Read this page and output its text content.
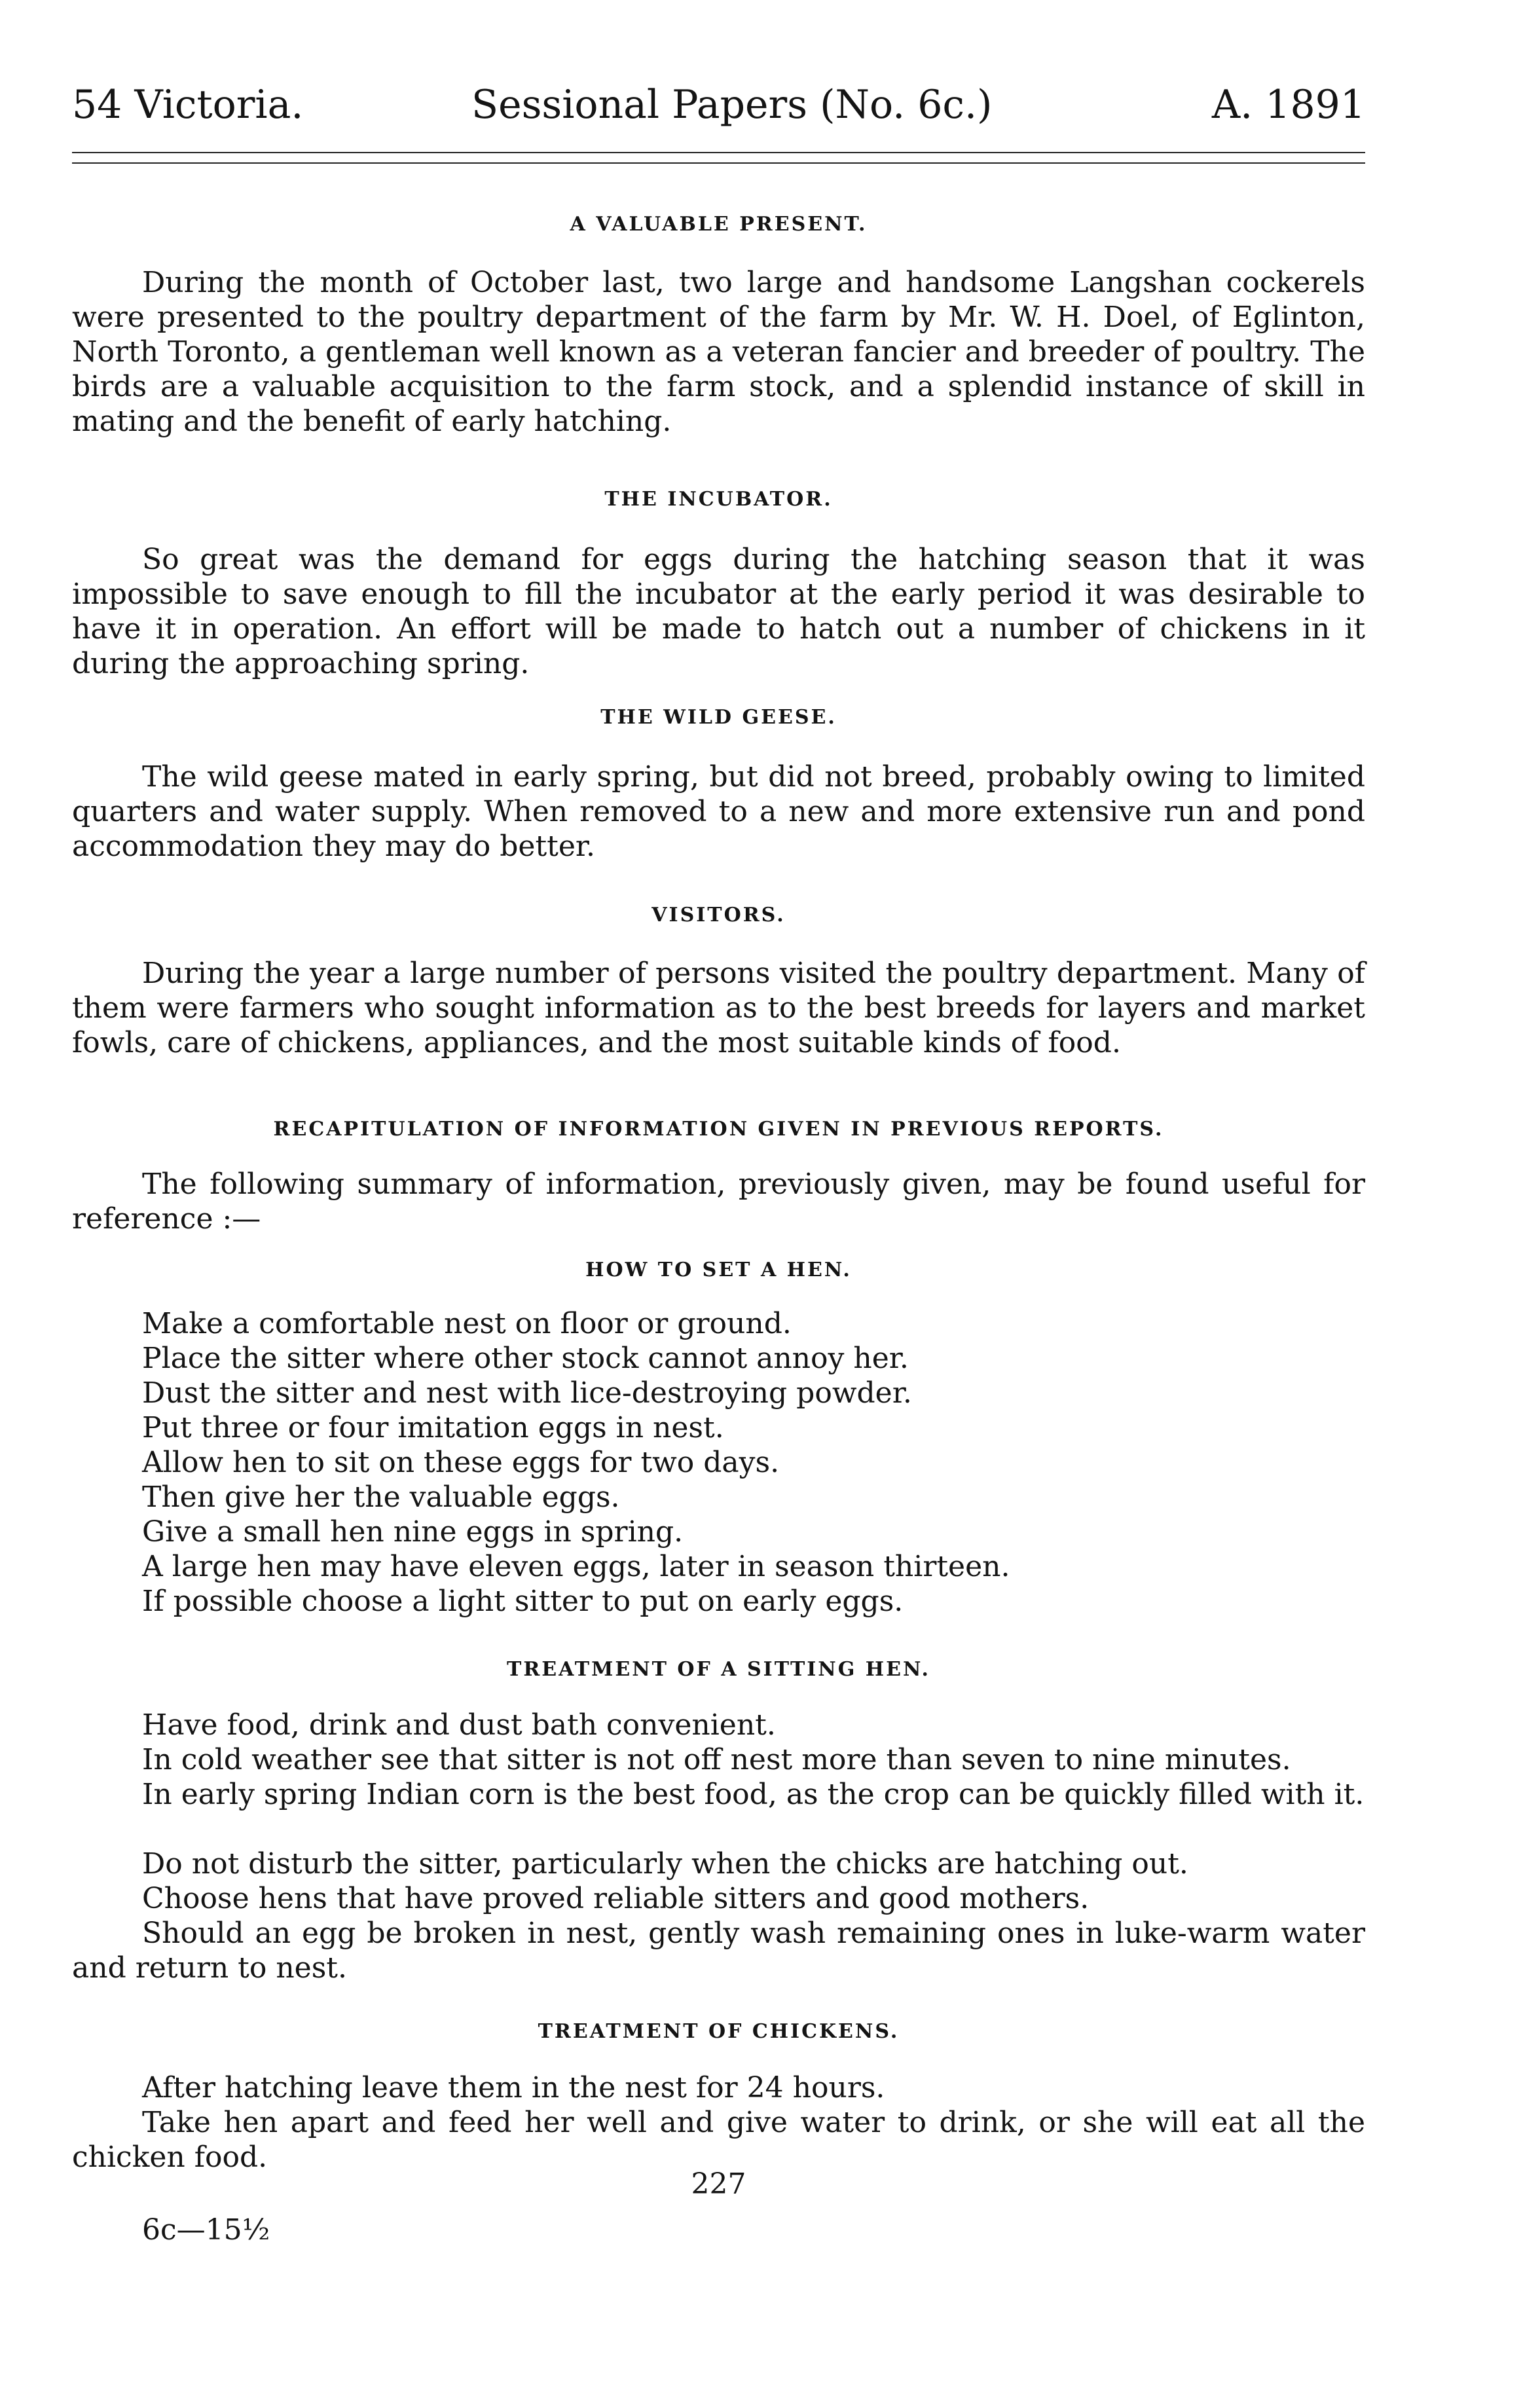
54 Victoria.	Sessional Papers (No. 6c.)	A. 1891
A VALUABLE PRESENT.
During the month of October last, two large and handsome Langshan cockerels were presented to the poultry department of the farm by Mr. W. H. Doel, of Eglinton, North Toronto, a gentleman well known as a veteran fancier and breeder of poultry. The birds are a valuable acquisition to the farm stock, and a splendid instance of skill in mating and the benefit of early hatching.
THE INCUBATOR.
So great was the demand for eggs during the hatching season that it was impossible to save enough to fill the incubator at the early period it was desirable to have it in operation. An effort will be made to hatch out a number of chickens in it during the approaching spring.
THE WILD GEESE.
The wild geese mated in early spring, but did not breed, probably owing to limited quarters and water supply. When removed to a new and more extensive run and pond accommodation they may do better.
VISITORS.
During the year a large number of persons visited the poultry department. Many of them were farmers who sought information as to the best breeds for layers and market fowls, care of chickens, appliances, and the most suitable kinds of food.
RECAPITULATION OF INFORMATION GIVEN IN PREVIOUS REPORTS.
The following summary of information, previously given, may be found useful for reference :—
HOW TO SET A HEN.
Make a comfortable nest on floor or ground.
Place the sitter where other stock cannot annoy her.
Dust the sitter and nest with lice-destroying powder.
Put three or four imitation eggs in nest.
Allow hen to sit on these eggs for two days.
Then give her the valuable eggs.
Give a small hen nine eggs in spring.
A large hen may have eleven eggs, later in season thirteen.
If possible choose a light sitter to put on early eggs.
TREATMENT OF A SITTING HEN.
Have food, drink and dust bath convenient.
In cold weather see that sitter is not off nest more than seven to nine minutes.
In early spring Indian corn is the best food, as the crop can be quickly filled with it.
Do not disturb the sitter, particularly when the chicks are hatching out.
Choose hens that have proved reliable sitters and good mothers.
Should an egg be broken in nest, gently wash remaining ones in luke-warm water and return to nest.
TREATMENT OF CHICKENS.
After hatching leave them in the nest for 24 hours.
Take hen apart and feed her well and give water to drink, or she will eat all the chicken food.
227
6c—15½
